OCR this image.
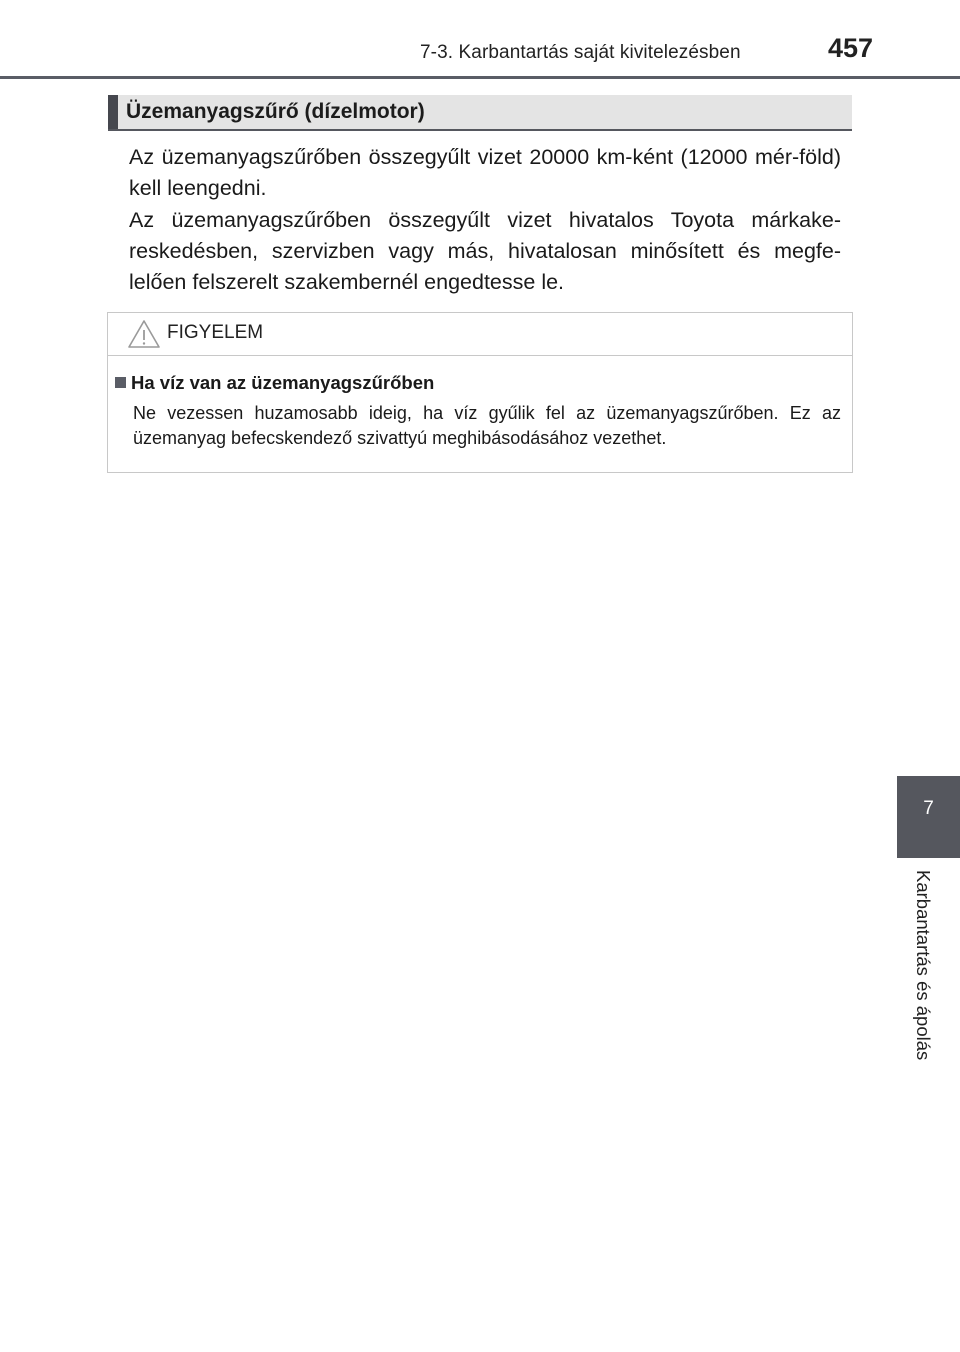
7-3. Karbantartás saját kivitelezésben	457
Üzemanyagszűrő (dízelmotor)

Az üzemanyagszűrőben összegyűlt vizet 20000 km-ként (12000 mér-föld) kell leengedni.

Az üzemanyagszűrőben összegyűlt vizet hivatalos Toyota márkake-reskedésben, szervizben vagy más, hivatalosan minősített és megfe-lelően felszerelt szakembernél engedtesse le.

FIGYELEM
Ha víz van az üzemanyagszűrőben

Ne vezessen huzamosabb ideig, ha víz gyűlik fel az üzemanyagszűrőben. Ez az üzemanyag befecskendező szivattyú meghibásodásához vezethet.

7
Karbantartás és ápolás
